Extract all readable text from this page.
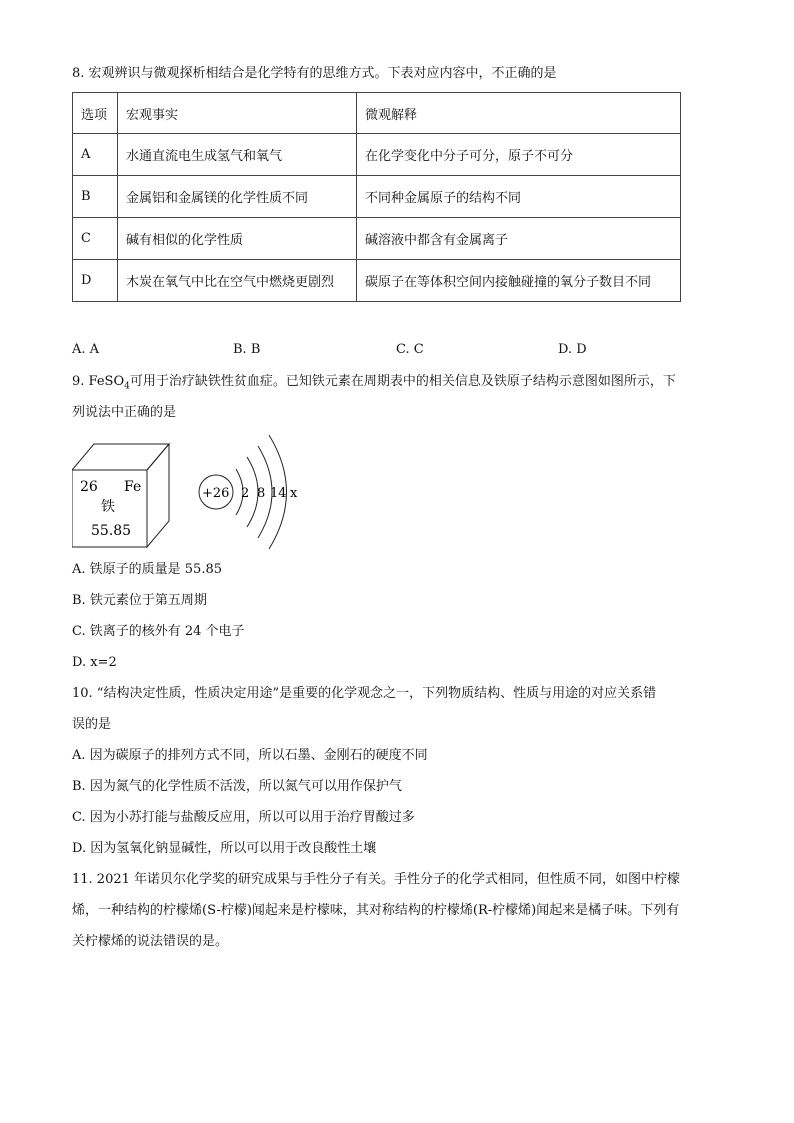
8. 宏观辨识与微观探析相结合是化学特有的思维方式。下表对应内容中，不正确的是
选项	宏观事实	微观解释
A	水通直流电生成氢气和氧气	在化学变化中分子可分，原子不可分
B	金属铝和金属镁的化学性质不同	不同种金属原子的结构不同
C	碱有相似的化学性质	碱溶液中都含有金属离子
D	木炭在氧气中比在空气中燃烧更剧烈	碳原子在等体积空间内接触碰撞的氧分子数目不同
A. A	B. B	C. C	D. D
9. FeSO$_4$可用于治疗缺铁性贫血症。已知铁元素在周期表中的相关信息及铁原子结构示意图如图所示，下
列说法中正确的是
26 Fe
铁
55.85
+26 2 8 14 x
A. 铁原子的质量是 55.85
B. 铁元素位于第五周期
C. 铁离子的核外有 24 个电子
D. x=2
10. “结构决定性质，性质决定用途”是重要的化学观念之一，下列物质结构、性质与用途的对应关系错
误的是
A. 因为碳原子的排列方式不同，所以石墨、金刚石的硬度不同
B. 因为氮气的化学性质不活泼，所以氮气可以用作保护气
C. 因为小苏打能与盐酸反应用，所以可以用于治疗胃酸过多
D. 因为氢氧化钠显碱性，所以可以用于改良酸性土壤
11. 2021 年诺贝尔化学奖的研究成果与手性分子有关。手性分子的化学式相同，但性质不同，如图中柠檬
烯，一种结构的柠檬烯(S-柠檬)闻起来是柠檬味，其对称结构的柠檬烯(R-柠檬烯)闻起来是橘子味。下列有
关柠檬烯的说法错误的是。
